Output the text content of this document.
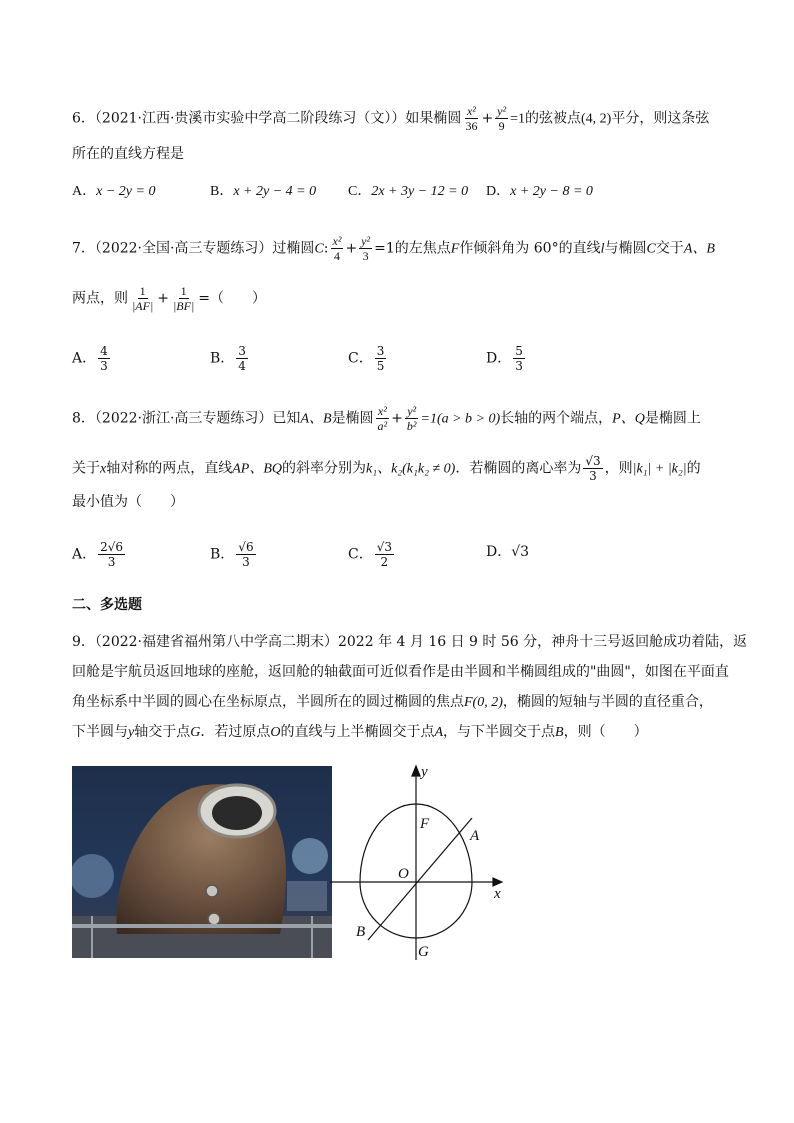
6．（2021·江西·贵溪市实验中学高二阶段练习（文））如果椭圆 $\frac{\text{x²}}{36} + \frac{\text{y²}}{9} =1$的弦被点(4, 2)平分，则这条弦
所在的直线方程是
A．x − 2y = 0	B．x + 2y − 4 = 0 C．2x + 3y − 12 = 0 D．x + 2y − 8 = 0
7．（2022·全国·高三专题练习）过椭圆C: $\frac{\text{x²}}{4} + \frac{\text{y²}}{3} =1$的左焦点F作倾斜角为 60°的直线l与椭圆C交于A、B
两点，则 $\frac{1}{|AF|} + \frac{1}{|BF|}$ =（　　）
A． $\frac{4}{3}$	B． $\frac{3}{4}$	C． $\frac{3}{5}$	D． $\frac{5}{3}$
8．（2022·浙江·高三专题练习）已知A、B是椭圆 $\frac{\text{x²}}{\text{a²}} + \frac{\text{y²}}{\text{b²}} =1(a > b > 0)$长轴的两个端点，P、Q是椭圆上
关于x轴对称的两点，直线AP、BQ的斜率分别为k₁、k₂(k₁k₂ ≠ 0)．若椭圆的离心率为 $\frac{√3}{3}$ ，则|k₁| + |k₂|的
最小值为（　　）
A． $\frac{2√6}{3}$	B． $\frac{√6}{3}$	C． $\frac{√3}{2}$	D．√3
二、多选题
9．（2022·福建省福州第八中学高二期末）2022 年 4 月 16 日 9 时 56 分，神舟十三号返回舱成功着陆，返
回舱是宇航员返回地球的座舱，返回舱的轴截面可近似看作是由半圆和半椭圆组成的"曲圆"，如图在平面直
角坐标系中半圆的圆心在坐标原点，半圆所在的圆过椭圆的焦点F(0, 2)，椭圆的短轴与半圆的直径重合，
下半圆与y轴交于点G．若过原点O的直线与上半椭圆交于点A，与下半圆交于点B，则（　　）
y
x
F
A
O
B
G
